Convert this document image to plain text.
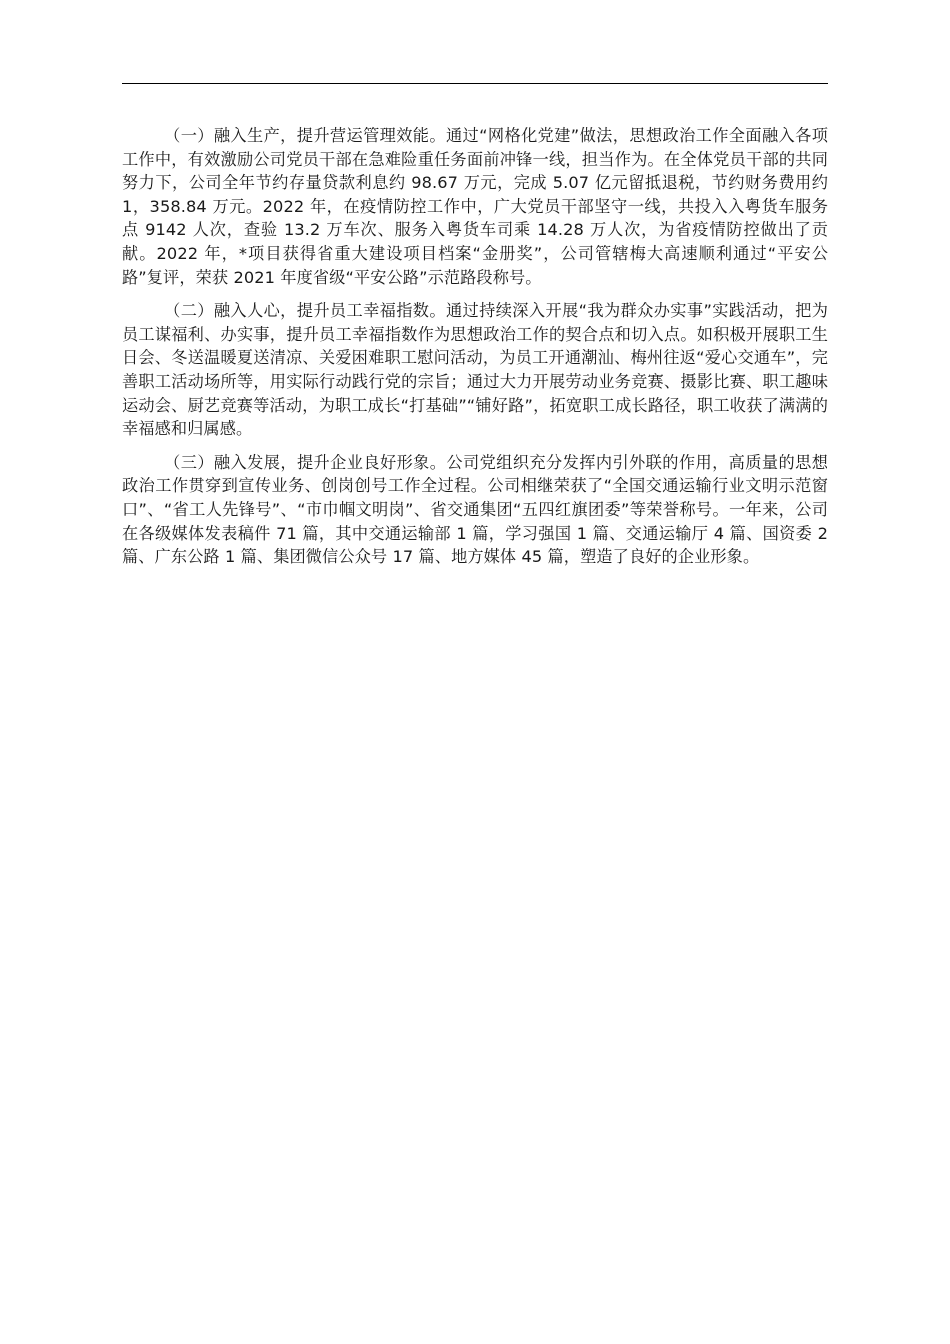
（一）融入生产，提升营运管理效能。通过“网格化党建”做法，思想政治工作全面融入各项工作中，有效激励公司党员干部在急难险重任务面前冲锋一线，担当作为。在全体党员干部的共同努力下，公司全年节约存量贷款利息约 98.67 万元，完成 5.07 亿元留抵退税，节约财务费用约 1，358.84 万元。2022 年，在疫情防控工作中，广大党员干部坚守一线，共投入入粤货车服务点 9142 人次，查验 13.2 万车次、服务入粤货车司乘 14.28 万人次，为省疫情防控做出了贡献。2022 年，*项目获得省重大建设项目档案“金册奖”，公司管辖梅大高速顺利通过“平安公路”复评，荣获 2021 年度省级“平安公路”示范路段称号。

（二）融入人心，提升员工幸福指数。通过持续深入开展“我为群众办实事”实践活动，把为员工谋福利、办实事，提升员工幸福指数作为思想政治工作的契合点和切入点。如积极开展职工生日会、冬送温暖夏送清凉、关爱困难职工慰问活动，为员工开通潮汕、梅州往返“爱心交通车”，完善职工活动场所等，用实际行动践行党的宗旨；通过大力开展劳动业务竞赛、摄影比赛、职工趣味运动会、厨艺竞赛等活动，为职工成长“打基础”“铺好路”，拓宽职工成长路径，职工收获了满满的幸福感和归属感。

（三）融入发展，提升企业良好形象。公司党组织充分发挥内引外联的作用，高质量的思想政治工作贯穿到宣传业务、创岗创号工作全过程。公司相继荣获了“全国交通运输行业文明示范窗口”、“省工人先锋号”、“市巾帼文明岗”、省交通集团“五四红旗团委”等荣誉称号。一年来，公司在各级媒体发表稿件 71 篇，其中交通运输部 1 篇，学习强国 1 篇、交通运输厅 4 篇、国资委 2 篇、广东公路 1 篇、集团微信公众号 17 篇、地方媒体 45 篇，塑造了良好的企业形象。
